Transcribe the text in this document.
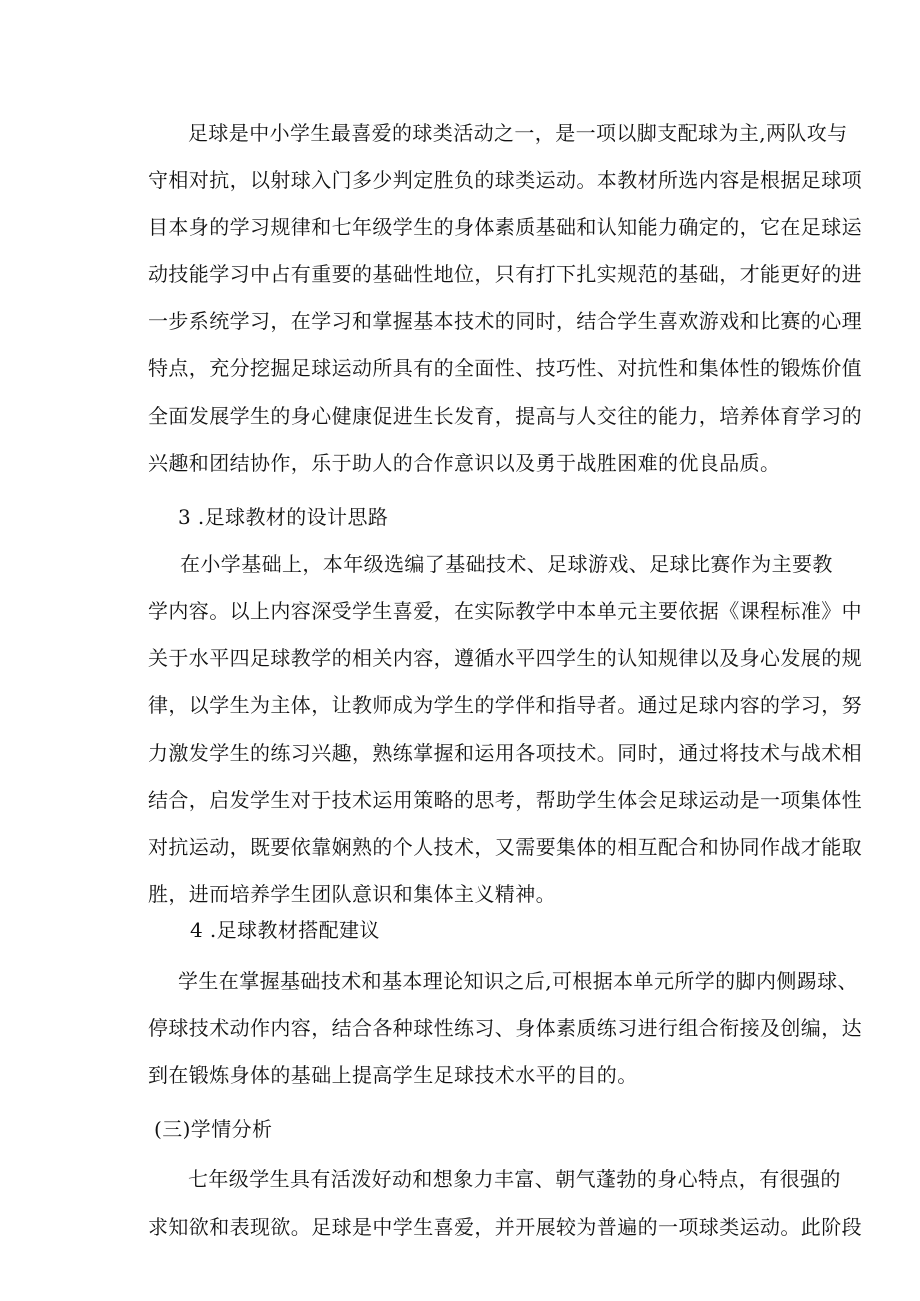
足球是中小学生最喜爱的球类活动之一，是一项以脚支配球为主,两队攻与
守相对抗，以射球入门多少判定胜负的球类运动。本教材所选内容是根据足球项
目本身的学习规律和七年级学生的身体素质基础和认知能力确定的，它在足球运
动技能学习中占有重要的基础性地位，只有打下扎实规范的基础，才能更好的进
一步系统学习，在学习和掌握基本技术的同时，结合学生喜欢游戏和比赛的心理
特点，充分挖掘足球运动所具有的全面性、技巧性、对抗性和集体性的锻炼价值
全面发展学生的身心健康促进生长发育，提高与人交往的能力，培养体育学习的
兴趣和团结协作，乐于助人的合作意识以及勇于战胜困难的优良品质。
3 .足球教材的设计思路
在小学基础上，本年级选编了基础技术、足球游戏、足球比赛作为主要教
学内容。以上内容深受学生喜爱，在实际教学中本单元主要依据《课程标准》中
关于水平四足球教学的相关内容，遵循水平四学生的认知规律以及身心发展的规
律，以学生为主体，让教师成为学生的学伴和指导者。通过足球内容的学习，努
力激发学生的练习兴趣，熟练掌握和运用各项技术。同时，通过将技术与战术相
结合，启发学生对于技术运用策略的思考，帮助学生体会足球运动是一项集体性
对抗运动，既要依靠娴熟的个人技术，又需要集体的相互配合和协同作战才能取
胜，进而培养学生团队意识和集体主义精神。
4 .足球教材搭配建议
学生在掌握基础技术和基本理论知识之后,可根据本单元所学的脚内侧踢球、
停球技术动作内容，结合各种球性练习、身体素质练习进行组合衔接及创编，达
到在锻炼身体的基础上提高学生足球技术水平的目的。
(三)学情分析
七年级学生具有活泼好动和想象力丰富、朝气蓬勃的身心特点，有很强的
求知欲和表现欲。足球是中学生喜爱，并开展较为普遍的一项球类运动。此阶段
